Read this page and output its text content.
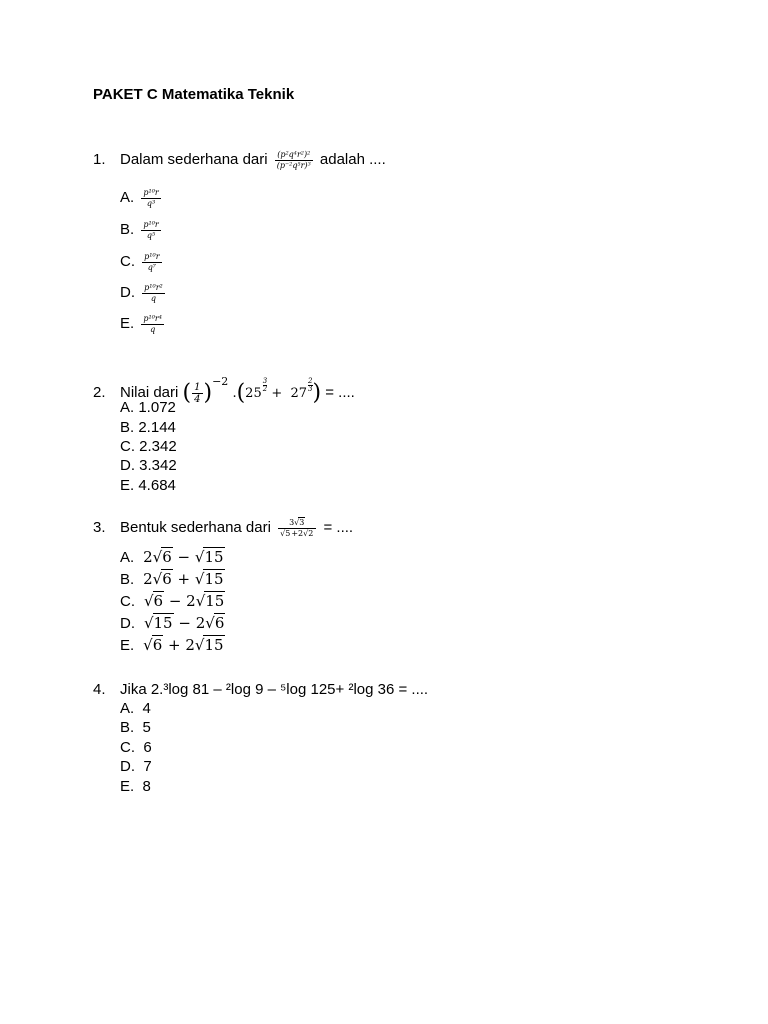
PAKET C Matematika Teknik
1. Dalam sederhana dari $\frac{(p^2q^4r^2)^2}{(p^{-2}q^5r)^3}$ adalah ....
A. $\frac{\text{p¹⁰r}}{\text{q³}}$
B. $\frac{\text{p¹⁰r}}{\text{q⁵}}$
C. $\frac{\text{p¹⁰r}}{\text{q⁷}}$
D. $\frac{\text{p¹⁰r²}}{q}$
E. $\frac{\text{p¹⁰r⁴}}{q}$
2. Nilai dari ( $\frac{1}{4} )^{-2}$ .(25
$\frac{3}{2}$
+  27
$\frac{2}{3}$ ) = ....
A. 1.072
B. 2.144
C. 2.342
D. 3.342
E. 4.684
3. Bentuk sederhana dari $\frac{3√3}{√5+2√2}$ = ....
A.  2√6 − √15
B.  2√6 + √15
C.  √6 − 2√15
D.  √15 − 2√6
E.  √6 + 2√15
4. Jika 2.³log 81 – ²log 9 – ⁵log 125+ ²log 36 = ....
A. 4
B. 5
C. 6
D. 7
E. 8
